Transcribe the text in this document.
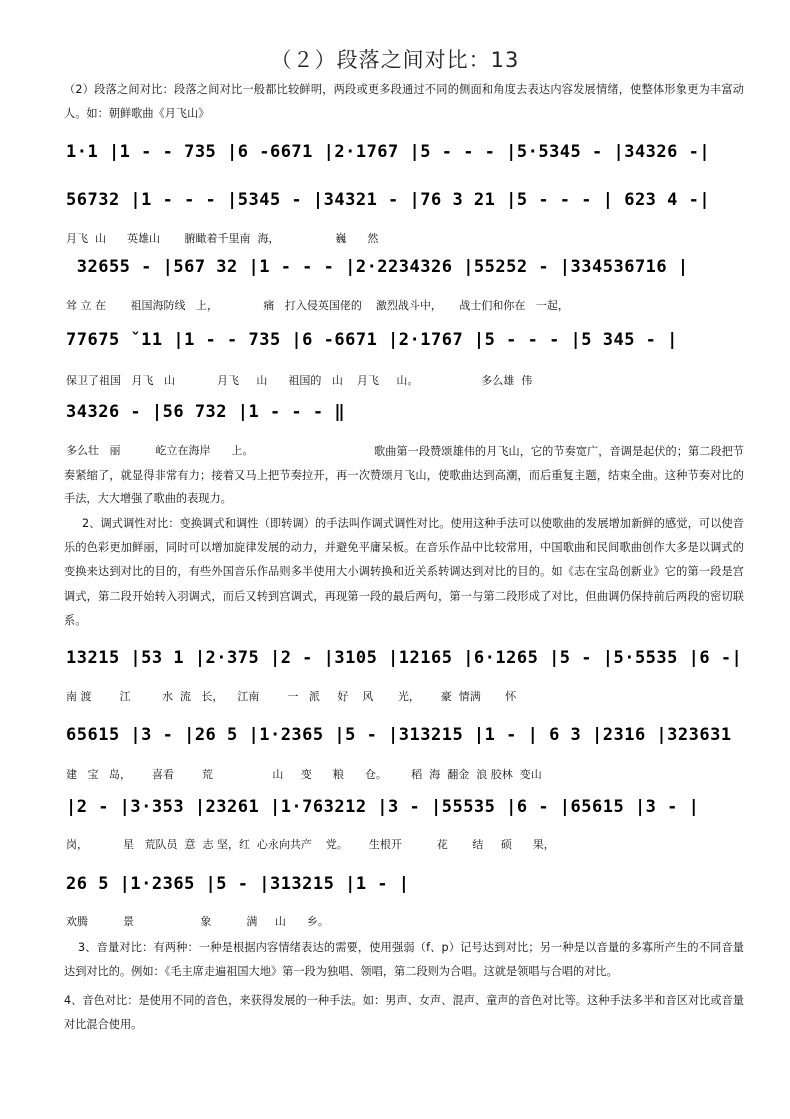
（２）段落之间对比：13
（2）段落之间对比：段落之间对比一般都比较鲜明，两段或更多段通过不同的侧面和角度去表达内容发展情绪，使整体形象更为丰富动人。如：朝鲜歌曲《月飞山》
1·1 |1 - - 735 |6 -6671 |2·1767 |5 - - - |5·5345 - |34326 -|
56732 |1 - - - |5345 - |34321 - |76 3 21 |5 - - - | 623 4 -|
月飞  山      英雄山       腑瞰着千里南  海，                巍      然
32655 - |567 32 |1 - - - |2·2234326 |55252 - |334536716 |
耸 立 在       祖国海防线   上，             痛   打入侵英国佬的    激烈战斗中，     战士们和你在   一起，
77675 ˇ11 |1 - - 735 |6 -6671 |2·1767 |5 - - - |5 345 - |
保卫了祖国   月飞   山            月飞     山      祖国的   山    月飞     山。                  多么雄  伟
34326 - |56 732 |1 - - - ‖
多么壮   丽          屹立在海岸      上。	歌曲第一段赞颂雄伟的月飞山，它的节奏宽广，音调是起伏的；第二段把节奏紧缩了，就显得非常有力；接着又马上把节奏拉开，再一次赞颂月飞山，使歌曲达到高潮，而后重复主题，结束全曲。这种节奏对比的手法，大大增强了歌曲的表现力。
2、调式调性对比：变换调式和调性（即转调）的手法叫作调式调性对比。使用这种手法可以使歌曲的发展增加新鲜的感觉，可以使音乐的色彩更加鲜丽，同时可以增加旋律发展的动力，并避免平庸呆板。在音乐作品中比较常用，中国歌曲和民间歌曲创作大多是以调式的变换来达到对比的目的，有些外国音乐作品则多半使用大小调转换和近关系转调达到对比的目的。如《志在宝岛创新业》它的第一段是宫调式，第二段开始转入羽调式，而后又转到宫调式，再现第一段的最后两句，第一与第二段形成了对比，但曲调仍保持前后两段的密切联系。
13215 |53 1 |2·375 |2 - |3105 |12165 |6·1265 |5 - |5·5535 |6 -|
南 渡        江         水  流   长，    江南        一   派     好    风       光，      豪  情满       怀
65615 |3 - |26 5 |1·2365 |5 - |313215 |1 - | 6 3 |2316 |323631
建   宝   岛，      喜看        荒                 山     变      粮      仓。       稻  海  翻金  浪 胶林  变山
|2 - |3·353 |23261 |1·763212 |3 - |55535 |6 - |65615 |3 - |
岗，          星   荒队员  意  志 坚，红  心永向共产    党。      生根开          花       结     硕      果，
26 5 |1·2365 |5 - |313215 |1 - |
欢腾          景                   象          满     山      乡。
3、音量对比：有两种：一种是根据内容情绪表达的需要，使用强弱（f、p）记号达到对比；另一种是以音量的多寡所产生的不同音量达到对比的。例如：《毛主席走遍祖国大地》第一段为独唱、领唱，第二段则为合唱。这就是领唱与合唱的对比。
4、音色对比：是使用不同的音色，来获得发展的一种手法。如：男声、女声、混声、童声的音色对比等。这种手法多半和音区对比或音量对比混合使用。
